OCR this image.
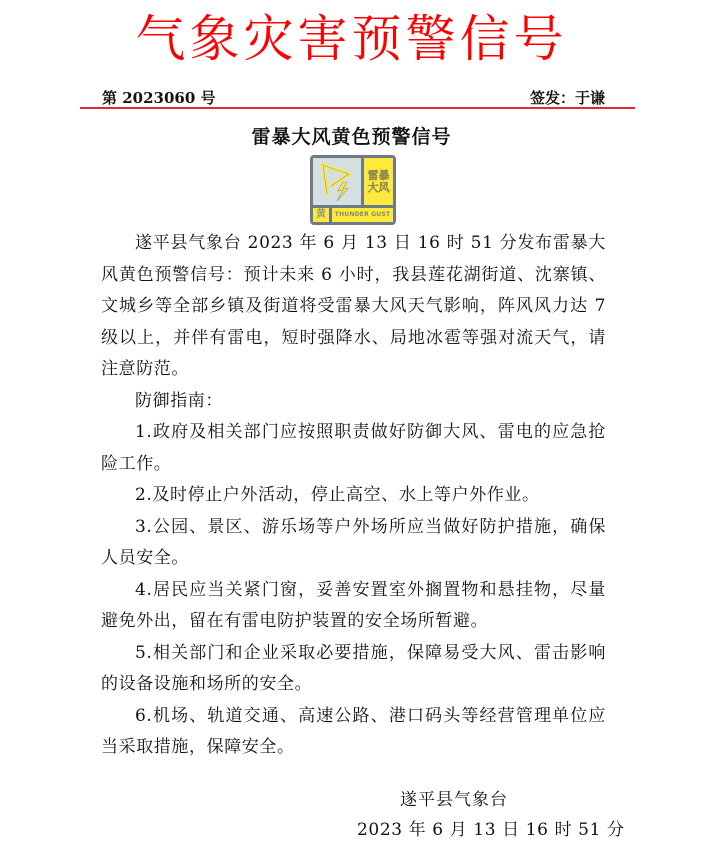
气象灾害预警信号
第 2023060 号	签发：于谦
雷暴大风黄色预警信号
雷暴大风
黄	THUNDER GUST

遂平县气象台 2023 年 6 月 13 日 16 时 51 分发布雷暴大风黄色预警信号：预计未来 6 小时，我县莲花湖街道、沈寨镇、文城乡等全部乡镇及街道将受雷暴大风天气影响，阵风风力达 7 级以上，并伴有雷电，短时强降水、局地冰雹等强对流天气，请注意防范。

防御指南：

1.政府及相关部门应按照职责做好防御大风、雷电的应急抢险工作。

2.及时停止户外活动，停止高空、水上等户外作业。

3.公园、景区、游乐场等户外场所应当做好防护措施，确保人员安全。

4.居民应当关紧门窗，妥善安置室外搁置物和悬挂物，尽量避免外出，留在有雷电防护装置的安全场所暂避。

5.相关部门和企业采取必要措施，保障易受大风、雷击影响的设备设施和场所的安全。

6.机场、轨道交通、高速公路、港口码头等经营管理单位应当采取措施，保障安全。

遂平县气象台
2023 年 6 月 13 日 16 时 51 分
